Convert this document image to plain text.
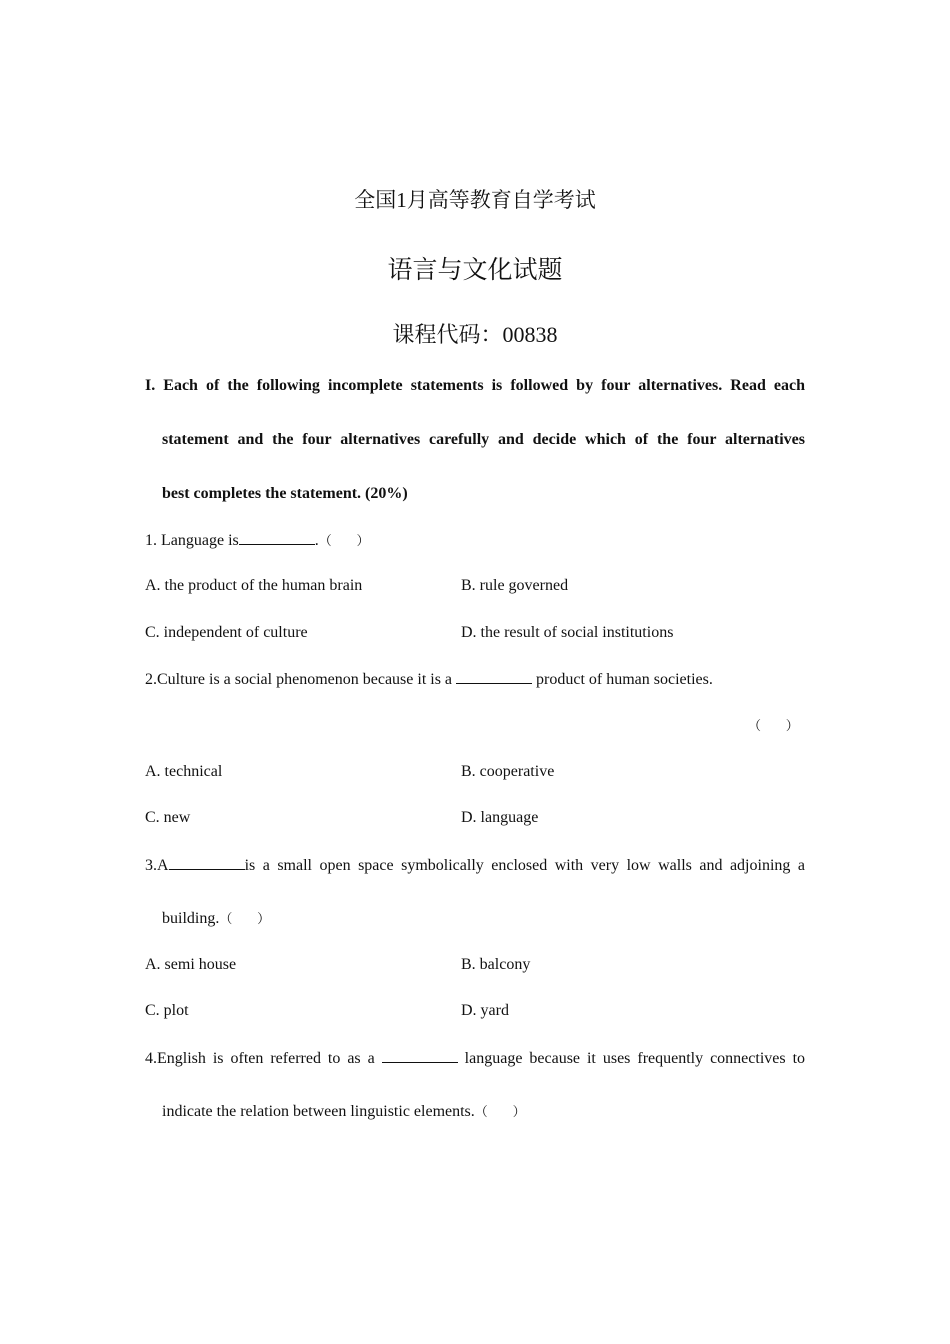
全国1月高等教育自学考试
语言与文化试题
课程代码：00838
I. Each of the following incomplete statements is followed by four alternatives. Read each
statement and the four alternatives carefully and decide which of the four alternatives
best completes the statement. (20%)
1. Language is	.（      ）
A. the product of the human brain	B. rule governed
C. independent of culture	D. the result of social institutions
2.Culture is a social phenomenon because it is a	product of human societies.
（      ）
A. technical	B. cooperative
C. new	D. language
3.A	is a small open space symbolically enclosed with very low walls and adjoining a
building.（      ）
A. semi house	B. balcony
C. plot	D. yard
4.English is often referred to as a	language because it uses frequently connectives to
indicate the relation between linguistic elements.（      ）
